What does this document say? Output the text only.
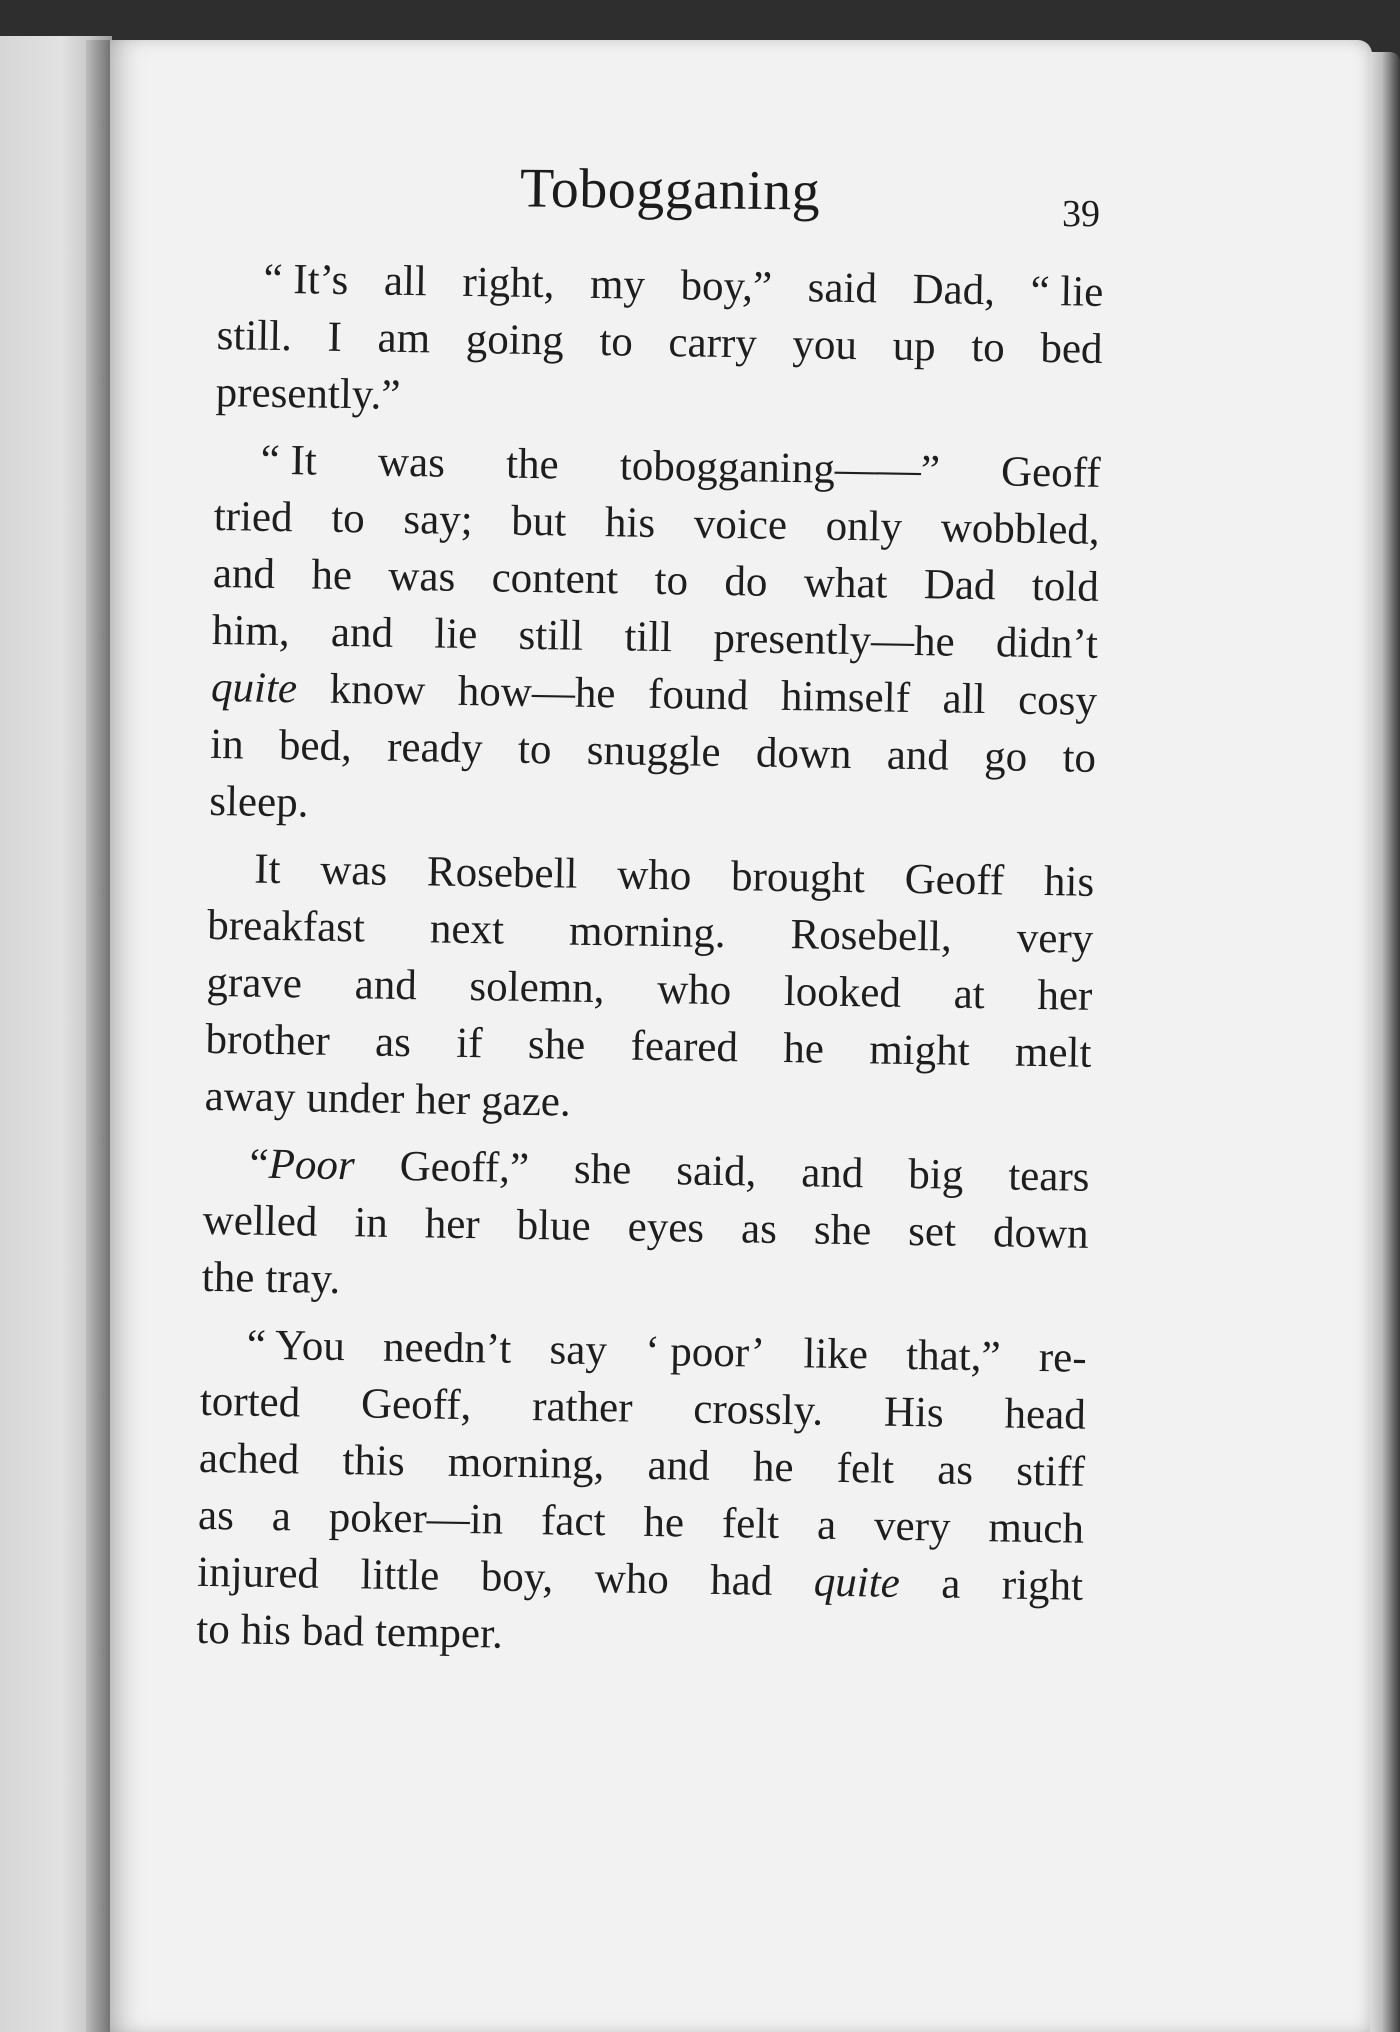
Tobogganing	39
“ It’s all right, my boy,” said Dad, “ lie
still. I am going to carry you up to bed
presently.”
“ It was the tobogganing——” Geoff
tried to say; but his voice only wobbled,
and he was content to do what Dad told
him, and lie still till presently—he didn’t
quite know how—he found himself all cosy
in bed, ready to snuggle down and go to
sleep.
It was Rosebell who brought Geoff his
breakfast next morning. Rosebell, very
grave and solemn, who looked at her
brother as if she feared he might melt
away under her gaze.
“Poor Geoff,” she said, and big tears
welled in her blue eyes as she set down
the tray.
“ You needn’t say ‘ poor’ like that,” re-
torted Geoff, rather crossly. His head
ached this morning, and he felt as stiff
as a poker—in fact he felt a very much
injured little boy, who had quite a right
to his bad temper.
